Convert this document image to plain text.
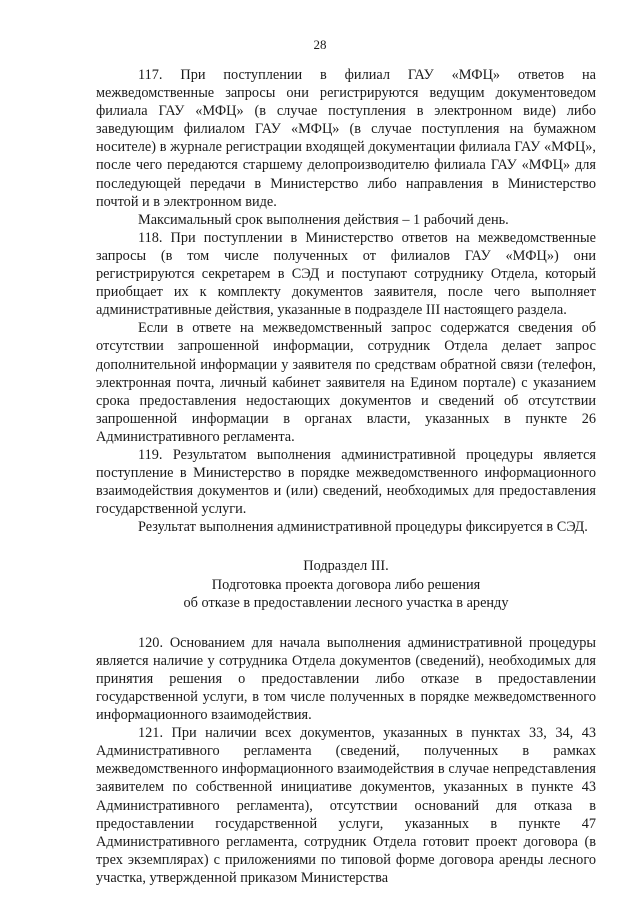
28

117. При поступлении в филиал ГАУ «МФЦ» ответов на межведомственные запросы они регистрируются ведущим документоведом филиала ГАУ «МФЦ» (в случае поступления в электронном виде) либо заведующим филиалом ГАУ «МФЦ» (в случае поступления на бумажном носителе) в журнале регистрации входящей документации филиала ГАУ «МФЦ», после чего передаются старшему делопроизводителю филиала ГАУ «МФЦ» для последующей передачи в Министерство либо направления в Министерство почтой и в электронном виде.

Максимальный срок выполнения действия – 1 рабочий день.

118. При поступлении в Министерство ответов на межведомственные запросы (в том числе полученных от филиалов ГАУ «МФЦ») они регистрируются секретарем в СЭД и поступают сотруднику Отдела, который приобщает их к комплекту документов заявителя, после чего выполняет административные действия, указанные в подразделе III настоящего раздела.

Если в ответе на межведомственный запрос содержатся сведения об отсутствии запрошенной информации, сотрудник Отдела делает запрос дополнительной информации у заявителя по средствам обратной связи (телефон, электронная почта, личный кабинет заявителя на Едином портале) с указанием срока предоставления недостающих документов и сведений об отсутствии запрошенной информации в органах власти, указанных в пункте 26 Административного регламента.

119. Результатом выполнения административной процедуры является поступление в Министерство в порядке межведомственного информационного взаимодействия документов и (или) сведений, необходимых для предоставления государственной услуги.

Результат выполнения административной процедуры фиксируется в СЭД.

Подраздел III.
Подготовка проекта договора либо решения
об отказе в предоставлении лесного участка в аренду

120. Основанием для начала выполнения административной процедуры является наличие у сотрудника Отдела документов (сведений), необходимых для принятия решения о предоставлении либо отказе в предоставлении государственной услуги, в том числе полученных в порядке межведомственного информационного взаимодействия.

121. При наличии всех документов, указанных в пунктах 33, 34, 43 Административного регламента (сведений, полученных в рамках межведомственного информационного взаимодействия в случае непредставления заявителем по собственной инициативе документов, указанных в пункте 43 Административного регламента), отсутствии оснований для отказа в предоставлении государственной услуги, указанных в пункте 47 Административного регламента, сотрудник Отдела готовит проект договора (в трех экземплярах) с приложениями по типовой форме договора аренды лесного участка, утвержденной приказом Министерства
